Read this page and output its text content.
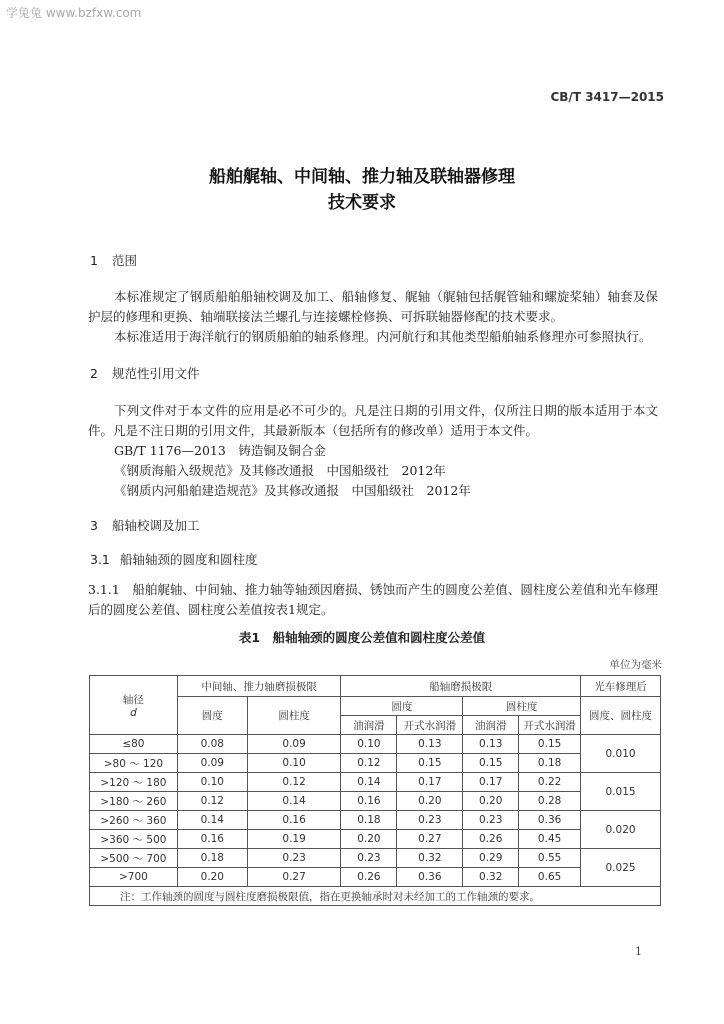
学兔兔 www.bzfxw.com
CB/T 3417—2015
船舶艉轴、中间轴、推力轴及联轴器修理
技术要求
1 范围

本标准规定了钢质船舶船轴校调及加工、船轴修复、艉轴（艉轴包括艉管轴和螺旋桨轴）轴套及保护层的修理和更换、轴端联接法兰螺孔与连接螺栓修换、可拆联轴器修配的技术要求。

本标准适用于海洋航行的钢质船舶的轴系修理。内河航行和其他类型船舶轴系修理亦可参照执行。

2 规范性引用文件

下列文件对于本文件的应用是必不可少的。凡是注日期的引用文件，仅所注日期的版本适用于本文件。凡是不注日期的引用文件，其最新版本（包括所有的修改单）适用于本文件。

GB/T 1176—2013　铸造铜及铜合金
《钢质海船入级规范》及其修改通报　中国船级社　2012年
《钢质内河船舶建造规范》及其修改通报　中国船级社　2012年
3 船轴校调及加工
3.1 船轴轴颈的圆度和圆柱度

3.1.1　船舶艉轴、中间轴、推力轴等轴颈因磨损、锈蚀而产生的圆度公差值、圆柱度公差值和光车修理后的圆度公差值、圆柱度公差值按表1规定。

表1　船轴轴颈的圆度公差值和圆柱度公差值
单位为毫米
轴径
d	中间轴、推力轴磨损极限		船轴磨损极限				光车修理后
	圆度	圆柱度	圆度		圆柱度		圆度、圆柱度
			油润滑	开式水润滑	油润滑	开式水润滑	
≤80	0.08	0.09	0.10	0.13	0.13	0.15	0.010
>80 ～ 120	0.09	0.10	0.12	0.15	0.15	0.18	
>120 ～ 180	0.10	0.12	0.14	0.17	0.17	0.22	0.015
>180 ～ 260	0.12	0.14	0.16	0.20	0.20	0.28	
>260 ～ 360	0.14	0.16	0.18	0.23	0.23	0.36	0.020
>360 ～ 500	0.16	0.19	0.20	0.27	0.26	0.45	
>500 ～ 700	0.18	0.23	0.23	0.32	0.29	0.55	0.025
>700	0.20	0.27	0.26	0.36	0.32	0.65	
注：工作轴颈的圆度与圆柱度磨损极限值，指在更换轴承时对未经加工的工作轴颈的要求。							
1
